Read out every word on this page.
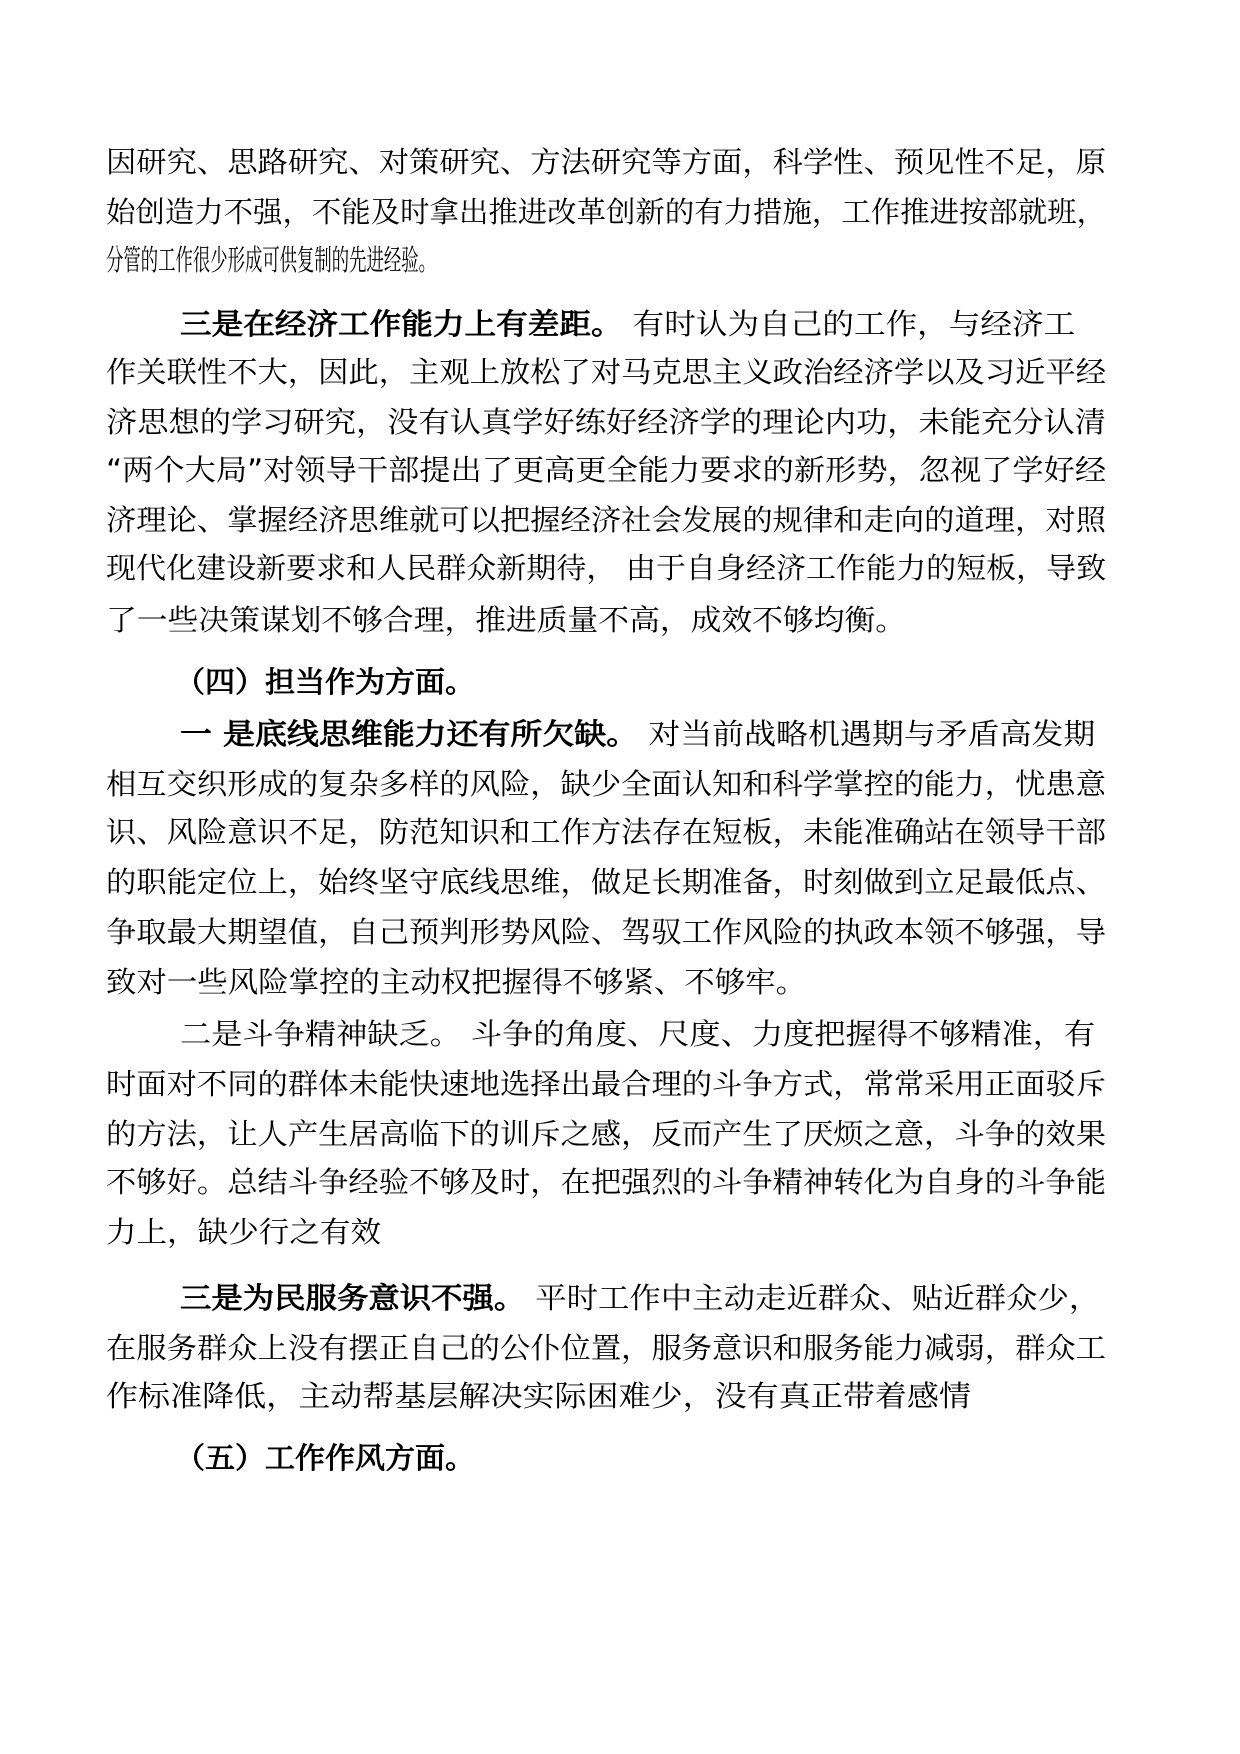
因研究、思路研究、对策研究、方法研究等方面，科学性、预见性不足，原
始创造力不强，不能及时拿出推进改革创新的有力措施，工作推进按部就班，
分管的工作很少形成可供复制的先进经验。
三是在经济工作能力上有差距。 有时认为自己的工作，与经济工
作关联性不大，因此，主观上放松了对马克思主义政治经济学以及习近平经
济思想的学习研究，没有认真学好练好经济学的理论内功，未能充分认清
“两个大局”对领导干部提出了更高更全能力要求的新形势，忽视了学好经
济理论、掌握经济思维就可以把握经济社会发展的规律和走向的道理，对照
现代化建设新要求和人民群众新期待， 由于自身经济工作能力的短板，导致
了一些决策谋划不够合理，推进质量不高，成效不够均衡。
（四）担当作为方面。
一 是底线思维能力还有所欠缺。 对当前战略机遇期与矛盾高发期
相互交织形成的复杂多样的风险，缺少全面认知和科学掌控的能力，忧患意
识、风险意识不足，防范知识和工作方法存在短板，未能准确站在领导干部
的职能定位上，始终坚守底线思维，做足长期准备，时刻做到立足最低点、
争取最大期望值，自己预判形势风险、驾驭工作风险的执政本领不够强，导
致对一些风险掌控的主动权把握得不够紧、不够牢。
二是斗争精神缺乏。 斗争的角度、尺度、力度把握得不够精准，有
时面对不同的群体未能快速地选择出最合理的斗争方式，常常采用正面驳斥
的方法，让人产生居高临下的训斥之感，反而产生了厌烦之意，斗争的效果
不够好。总结斗争经验不够及时，在把强烈的斗争精神转化为自身的斗争能
力上，缺少行之有效
三是为民服务意识不强。 平时工作中主动走近群众、贴近群众少，
在服务群众上没有摆正自己的公仆位置，服务意识和服务能力减弱，群众工
作标准降低，主动帮基层解决实际困难少，没有真正带着感情
（五）工作作风方面。
